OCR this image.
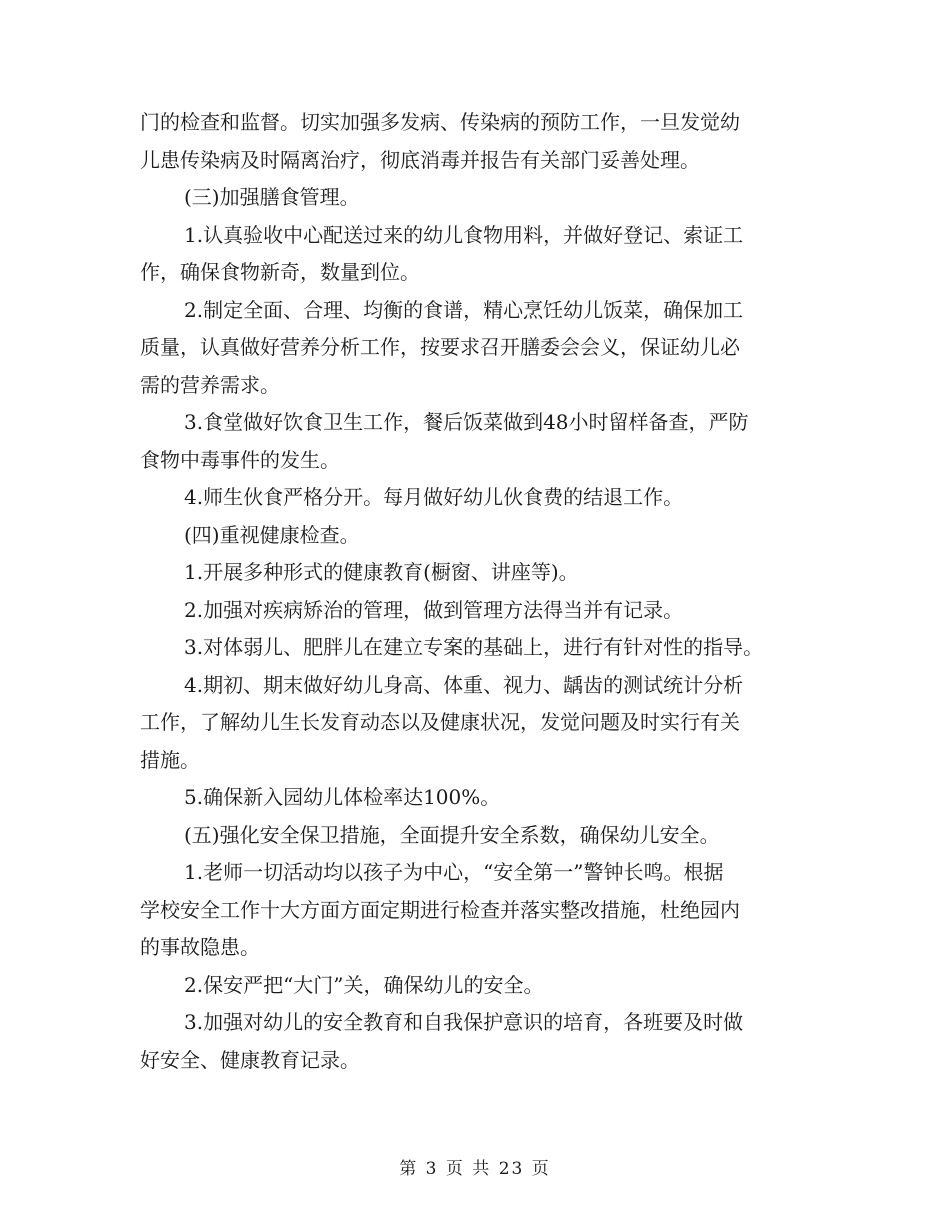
门的检查和监督。切实加强多发病、传染病的预防工作，一旦发觉幼
儿患传染病及时隔离治疗，彻底消毒并报告有关部门妥善处理。
(三)加强膳食管理。
1.认真验收中心配送过来的幼儿食物用料，并做好登记、索证工
作，确保食物新奇，数量到位。
2.制定全面、合理、均衡的食谱，精心烹饪幼儿饭菜，确保加工
质量，认真做好营养分析工作，按要求召开膳委会会义，保证幼儿必
需的营养需求。
3.食堂做好饮食卫生工作，餐后饭菜做到48小时留样备查，严防
食物中毒事件的发生。
4.师生伙食严格分开。每月做好幼儿伙食费的结退工作。
(四)重视健康检查。
1.开展多种形式的健康教育(橱窗、讲座等)。
2.加强对疾病矫治的管理，做到管理方法得当并有记录。
3.对体弱儿、肥胖儿在建立专案的基础上，进行有针对性的指导。
4.期初、期末做好幼儿身高、体重、视力、龋齿的测试统计分析
工作，了解幼儿生长发育动态以及健康状况，发觉问题及时实行有关
措施。
5.确保新入园幼儿体检率达100%。
(五)强化安全保卫措施，全面提升安全系数，确保幼儿安全。
1.老师一切活动均以孩子为中心，“安全第一”警钟长鸣。根据
学校安全工作十大方面方面定期进行检查并落实整改措施，杜绝园内
的事故隐患。
2.保安严把“大门”关，确保幼儿的安全。
3.加强对幼儿的安全教育和自我保护意识的培育，各班要及时做
好安全、健康教育记录。
第 3 页 共 23 页
